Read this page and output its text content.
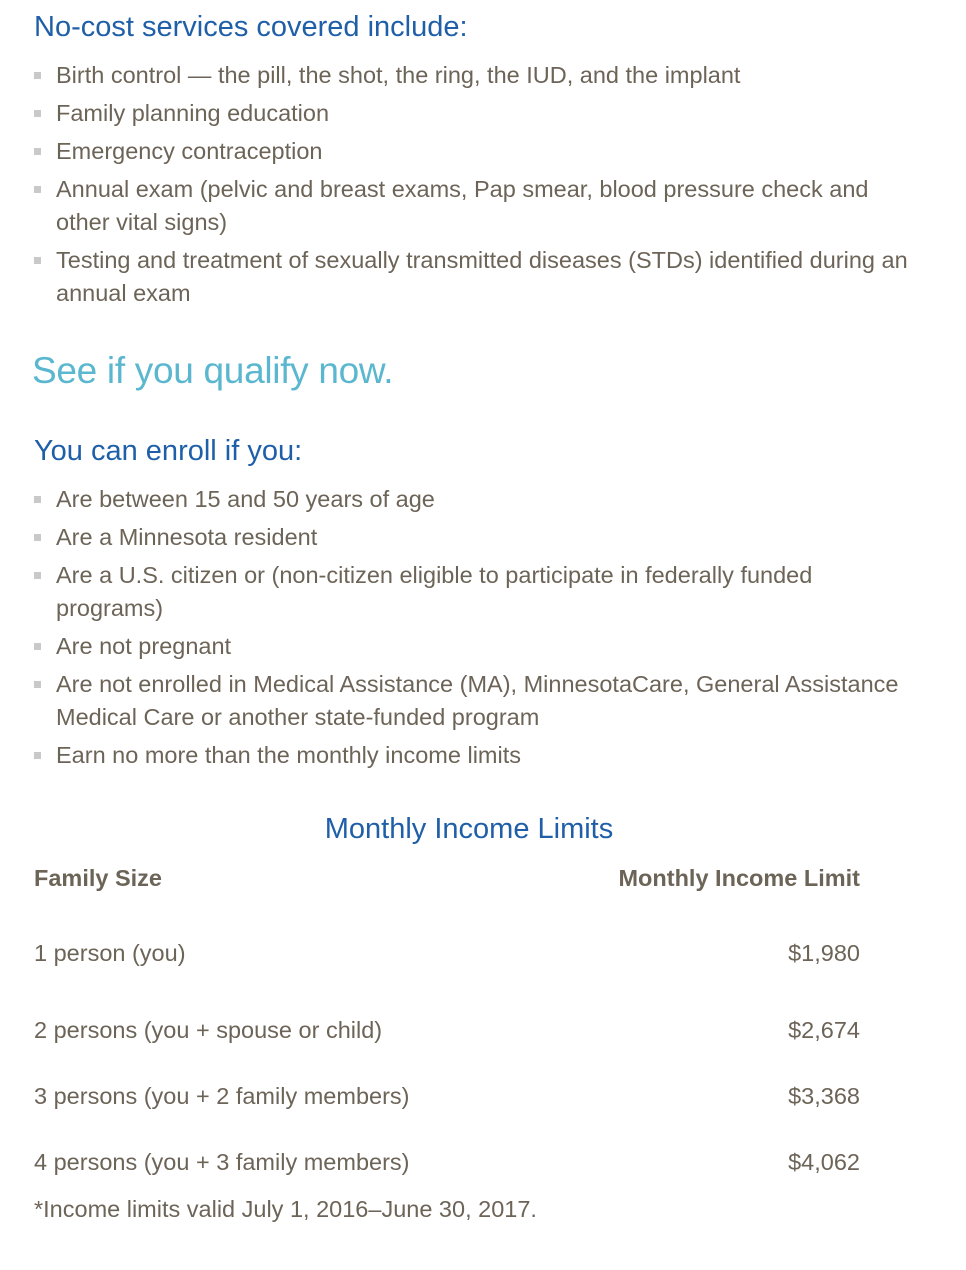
No-cost services covered include:
Birth control — the pill, the shot, the ring, the IUD, and the implant
Family planning education
Emergency contraception
Annual exam (pelvic and breast exams, Pap smear, blood pressure check and other vital signs)
Testing and treatment of sexually transmitted diseases (STDs) identified during an annual exam
See if you qualify now.
You can enroll if you:
Are between 15 and 50 years of age
Are a Minnesota resident
Are a U.S. citizen or (non-citizen eligible to participate in federally funded programs)
Are not pregnant
Are not enrolled in Medical Assistance (MA), MinnesotaCare, General Assistance Medical Care or another state-funded program
Earn no more than the monthly income limits
Monthly Income Limits
Family Size	Monthly Income Limit
1 person (you)	$1,980
2 persons (you + spouse or child)	$2,674
3 persons (you + 2 family members)	$3,368
4 persons (you + 3 family members)	$4,062

*Income limits valid July 1, 2016–June 30, 2017.
